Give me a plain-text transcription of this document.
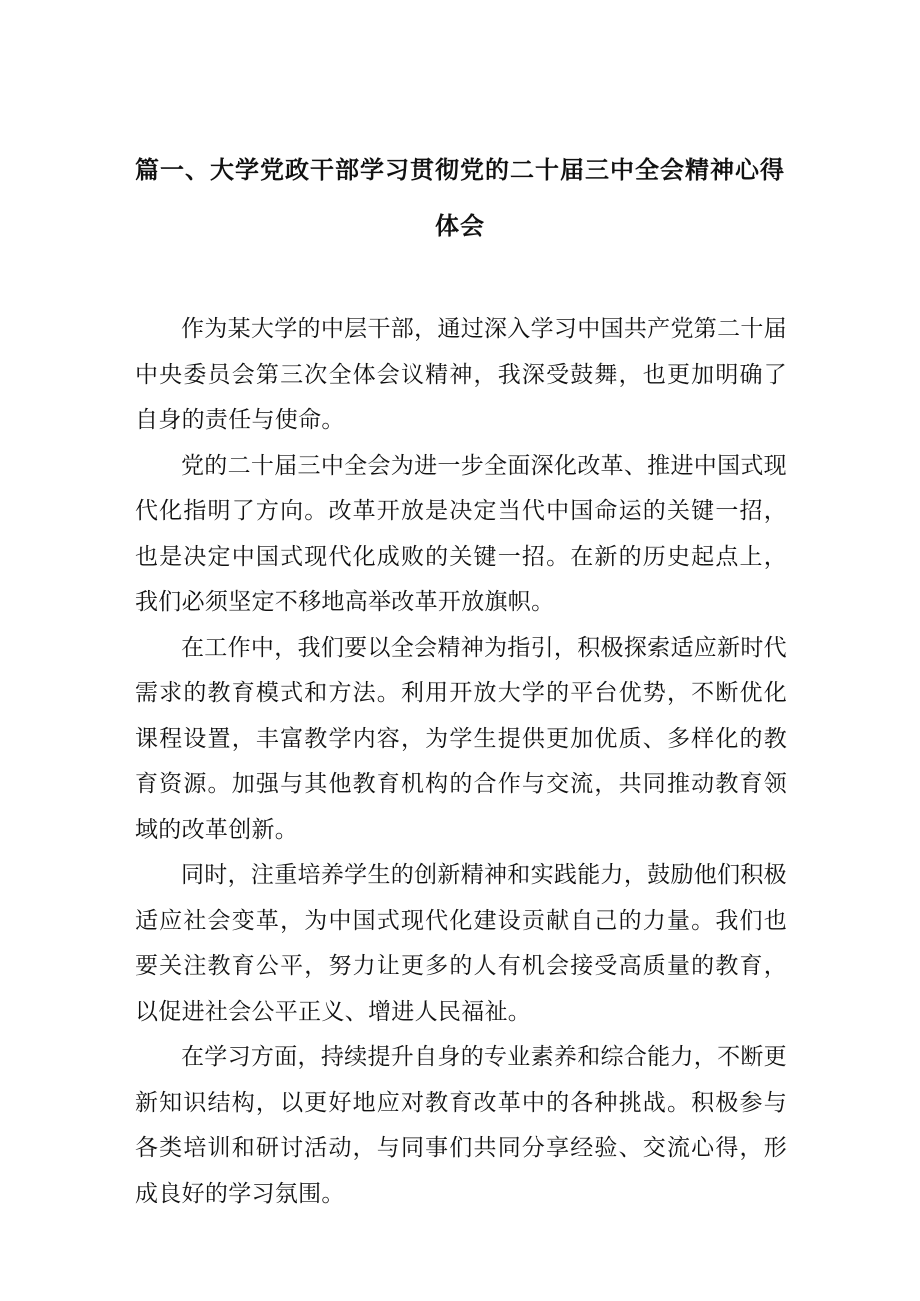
篇一、大学党政干部学习贯彻党的二十届三中全会精神心得体会

作为某大学的中层干部，通过深入学习中国共产党第二十届中央委员会第三次全体会议精神，我深受鼓舞，也更加明确了自身的责任与使命。

党的二十届三中全会为进一步全面深化改革、推进中国式现代化指明了方向。改革开放是决定当代中国命运的关键一招，也是决定中国式现代化成败的关键一招。在新的历史起点上，我们必须坚定不移地高举改革开放旗帜。

在工作中，我们要以全会精神为指引，积极探索适应新时代需求的教育模式和方法。利用开放大学的平台优势，不断优化课程设置，丰富教学内容，为学生提供更加优质、多样化的教育资源。加强与其他教育机构的合作与交流，共同推动教育领域的改革创新。

同时，注重培养学生的创新精神和实践能力，鼓励他们积极适应社会变革，为中国式现代化建设贡献自己的力量。我们也要关注教育公平，努力让更多的人有机会接受高质量的教育，以促进社会公平正义、增进人民福祉。

在学习方面，持续提升自身的专业素养和综合能力，不断更新知识结构，以更好地应对教育改革中的各种挑战。积极参与各类培训和研讨活动，与同事们共同分享经验、交流心得，形成良好的学习氛围。
